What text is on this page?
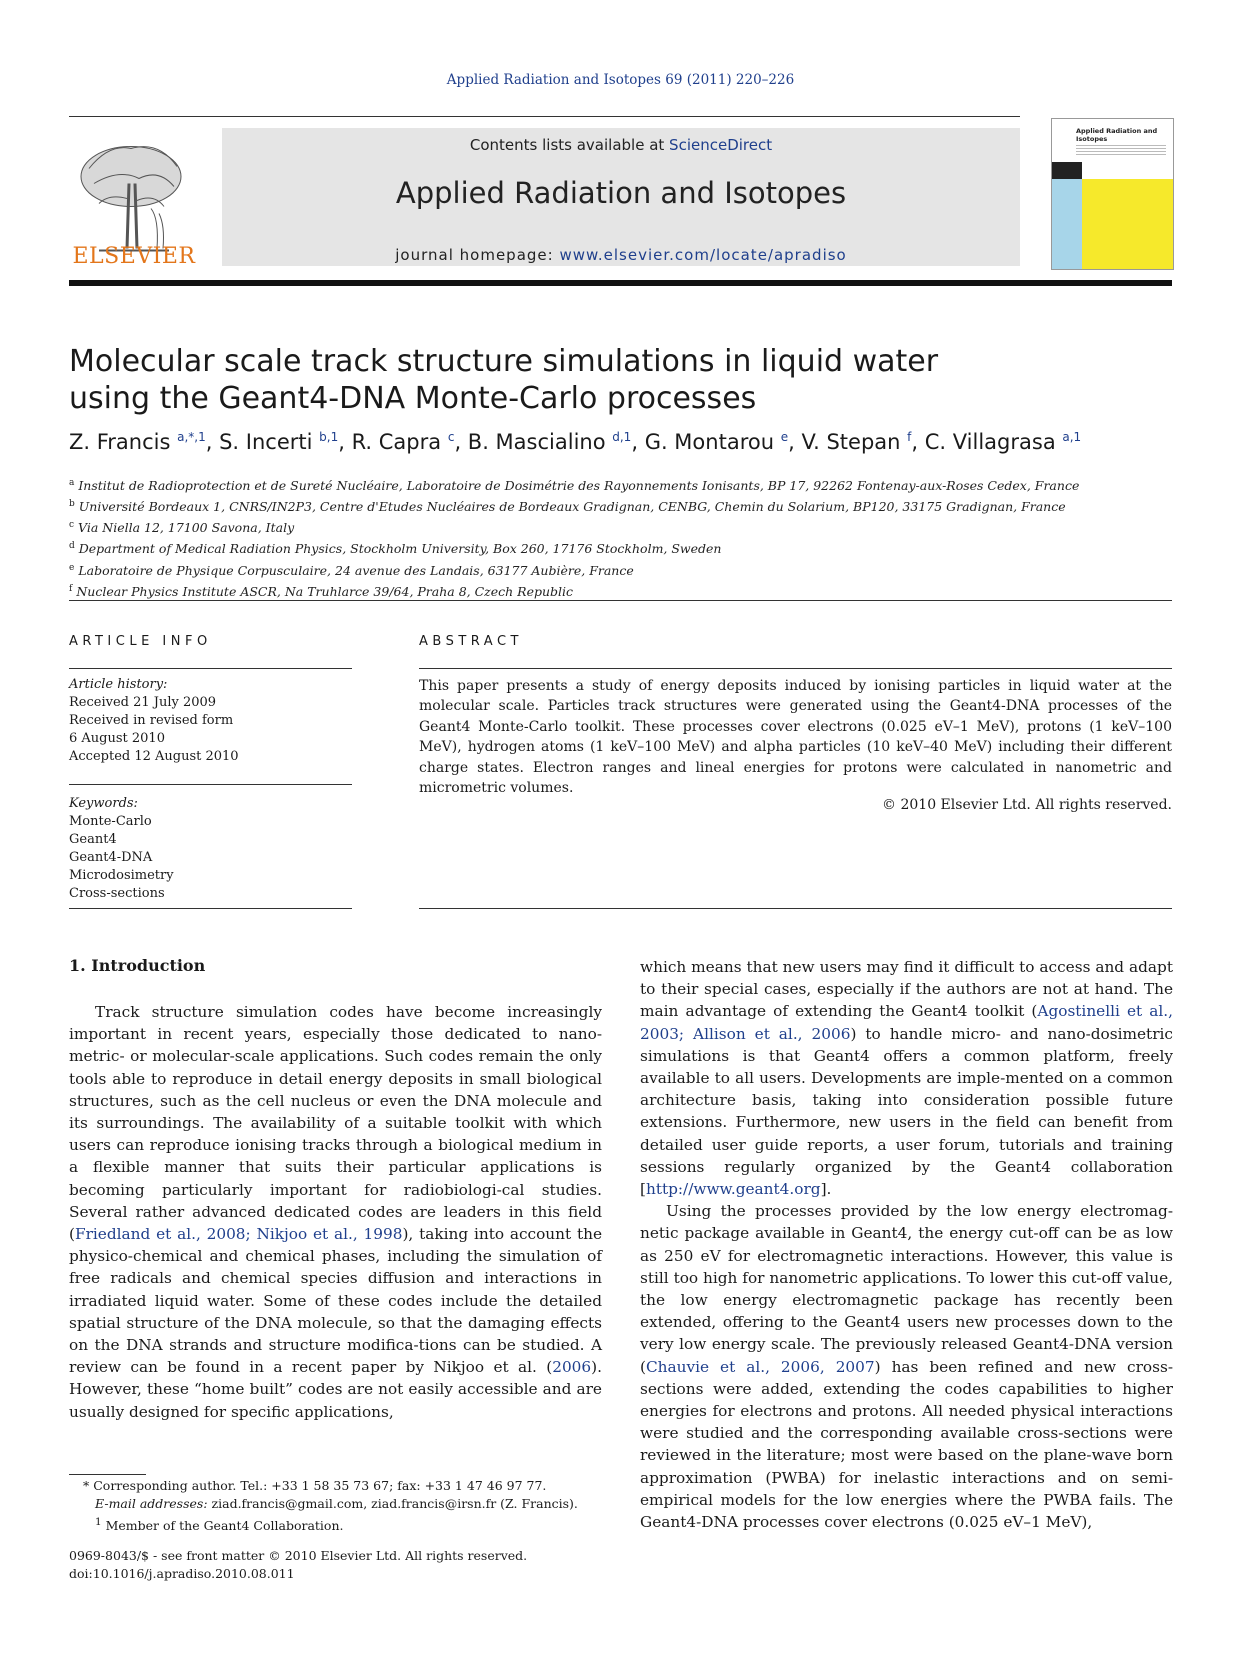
Applied Radiation and Isotopes 69 (2011) 220–226
ELSEVIER
Contents lists available at ScienceDirect
Applied Radiation and Isotopes
journal homepage: www.elsevier.com/locate/apradiso
Applied Radiation and Isotopes
Molecular scale track structure simulations in liquid water
using the Geant4-DNA Monte-Carlo processes
Z. Francis $^{a,*,1}$, S. Incerti $^{b,1}$, R. Capra $^c$, B. Mascialino $^{d,1}$, G. Montarou $^e$, V. Stepan $^f$, C. Villagrasa $^{a,1}$
$^a$ Institut de Radioprotection et de Sureté Nucléaire, Laboratoire de Dosimétrie des Rayonnements Ionisants, BP 17, 92262 Fontenay-aux-Roses Cedex, France
$^b$ Université Bordeaux 1, CNRS/IN2P3, Centre d'Etudes Nucléaires de Bordeaux Gradignan, CENBG, Chemin du Solarium, BP120, 33175 Gradignan, France
$^c$ Via Niella 12, 17100 Savona, Italy
$^d$ Department of Medical Radiation Physics, Stockholm University, Box 260, 17176 Stockholm, Sweden
$^e$ Laboratoire de Physique Corpusculaire, 24 avenue des Landais, 63177 Aubière, France
$^f$ Nuclear Physics Institute ASCR, Na Truhlarce 39/64, Praha 8, Czech Republic
ARTICLE INFO	ABSTRACT
Article history:
Received 21 July 2009
Received in revised form
6 August 2010
Accepted 12 August 2010
Keywords:
Monte-Carlo
Geant4
Geant4-DNA
Microdosimetry
Cross-sections
This paper presents a study of energy deposits induced by ionising particles in liquid water at the molecular scale. Particles track structures were generated using the Geant4-DNA processes of the Geant4 Monte-Carlo toolkit. These processes cover electrons (0.025 eV–1 MeV), protons (1 keV–100 MeV), hydrogen atoms (1 keV–100 MeV) and alpha particles (10 keV–40 MeV) including their different charge states. Electron ranges and lineal energies for protons were calculated in nanometric and micrometric volumes.
© 2010 Elsevier Ltd. All rights reserved.
1. Introduction

Track structure simulation codes have become increasingly important in recent years, especially those dedicated to nano-metric- or molecular-scale applications. Such codes remain the only tools able to reproduce in detail energy deposits in small biological structures, such as the cell nucleus or even the DNA molecule and its surroundings. The availability of a suitable toolkit with which users can reproduce ionising tracks through a biological medium in a flexible manner that suits their particular applications is becoming particularly important for radiobiologi-cal studies. Several rather advanced dedicated codes are leaders in this field (Friedland et al., 2008; Nikjoo et al., 1998), taking into account the physico-chemical and chemical phases, including the simulation of free radicals and chemical species diffusion and interactions in irradiated liquid water. Some of these codes include the detailed spatial structure of the DNA molecule, so that the damaging effects on the DNA strands and structure modifica-tions can be studied. A review can be found in a recent paper by Nikjoo et al. (2006). However, these “home built” codes are not easily accessible and are usually designed for specific applications,

which means that new users may find it difficult to access and adapt to their special cases, especially if the authors are not at hand. The main advantage of extending the Geant4 toolkit (Agostinelli et al., 2003; Allison et al., 2006) to handle micro- and nano-dosimetric simulations is that Geant4 offers a common platform, freely available to all users. Developments are imple-mented on a common architecture basis, taking into consideration possible future extensions. Furthermore, new users in the field can benefit from detailed user guide reports, a user forum, tutorials and training sessions regularly organized by the Geant4 collaboration [http://www.geant4.org].

Using the processes provided by the low energy electromag-netic package available in Geant4, the energy cut-off can be as low as 250 eV for electromagnetic interactions. However, this value is still too high for nanometric applications. To lower this cut-off value, the low energy electromagnetic package has recently been extended, offering to the Geant4 users new processes down to the very low energy scale. The previously released Geant4-DNA version (Chauvie et al., 2006, 2007) has been refined and new cross-sections were added, extending the codes capabilities to higher energies for electrons and protons. All needed physical interactions were studied and the corresponding available cross-sections were reviewed in the literature; most were based on the plane-wave born approximation (PWBA) for inelastic interactions and on semi-empirical models for the low energies where the PWBA fails. The Geant4-DNA processes cover electrons (0.025 eV–1 MeV),

* Corresponding author. Tel.: +33 1 58 35 73 67; fax: +33 1 47 46 97 77.
E-mail addresses: ziad.francis@gmail.com, ziad.francis@irsn.fr (Z. Francis).
$^1$ Member of the Geant4 Collaboration.
0969-8043/$ - see front matter © 2010 Elsevier Ltd. All rights reserved.
doi:10.1016/j.apradiso.2010.08.011
